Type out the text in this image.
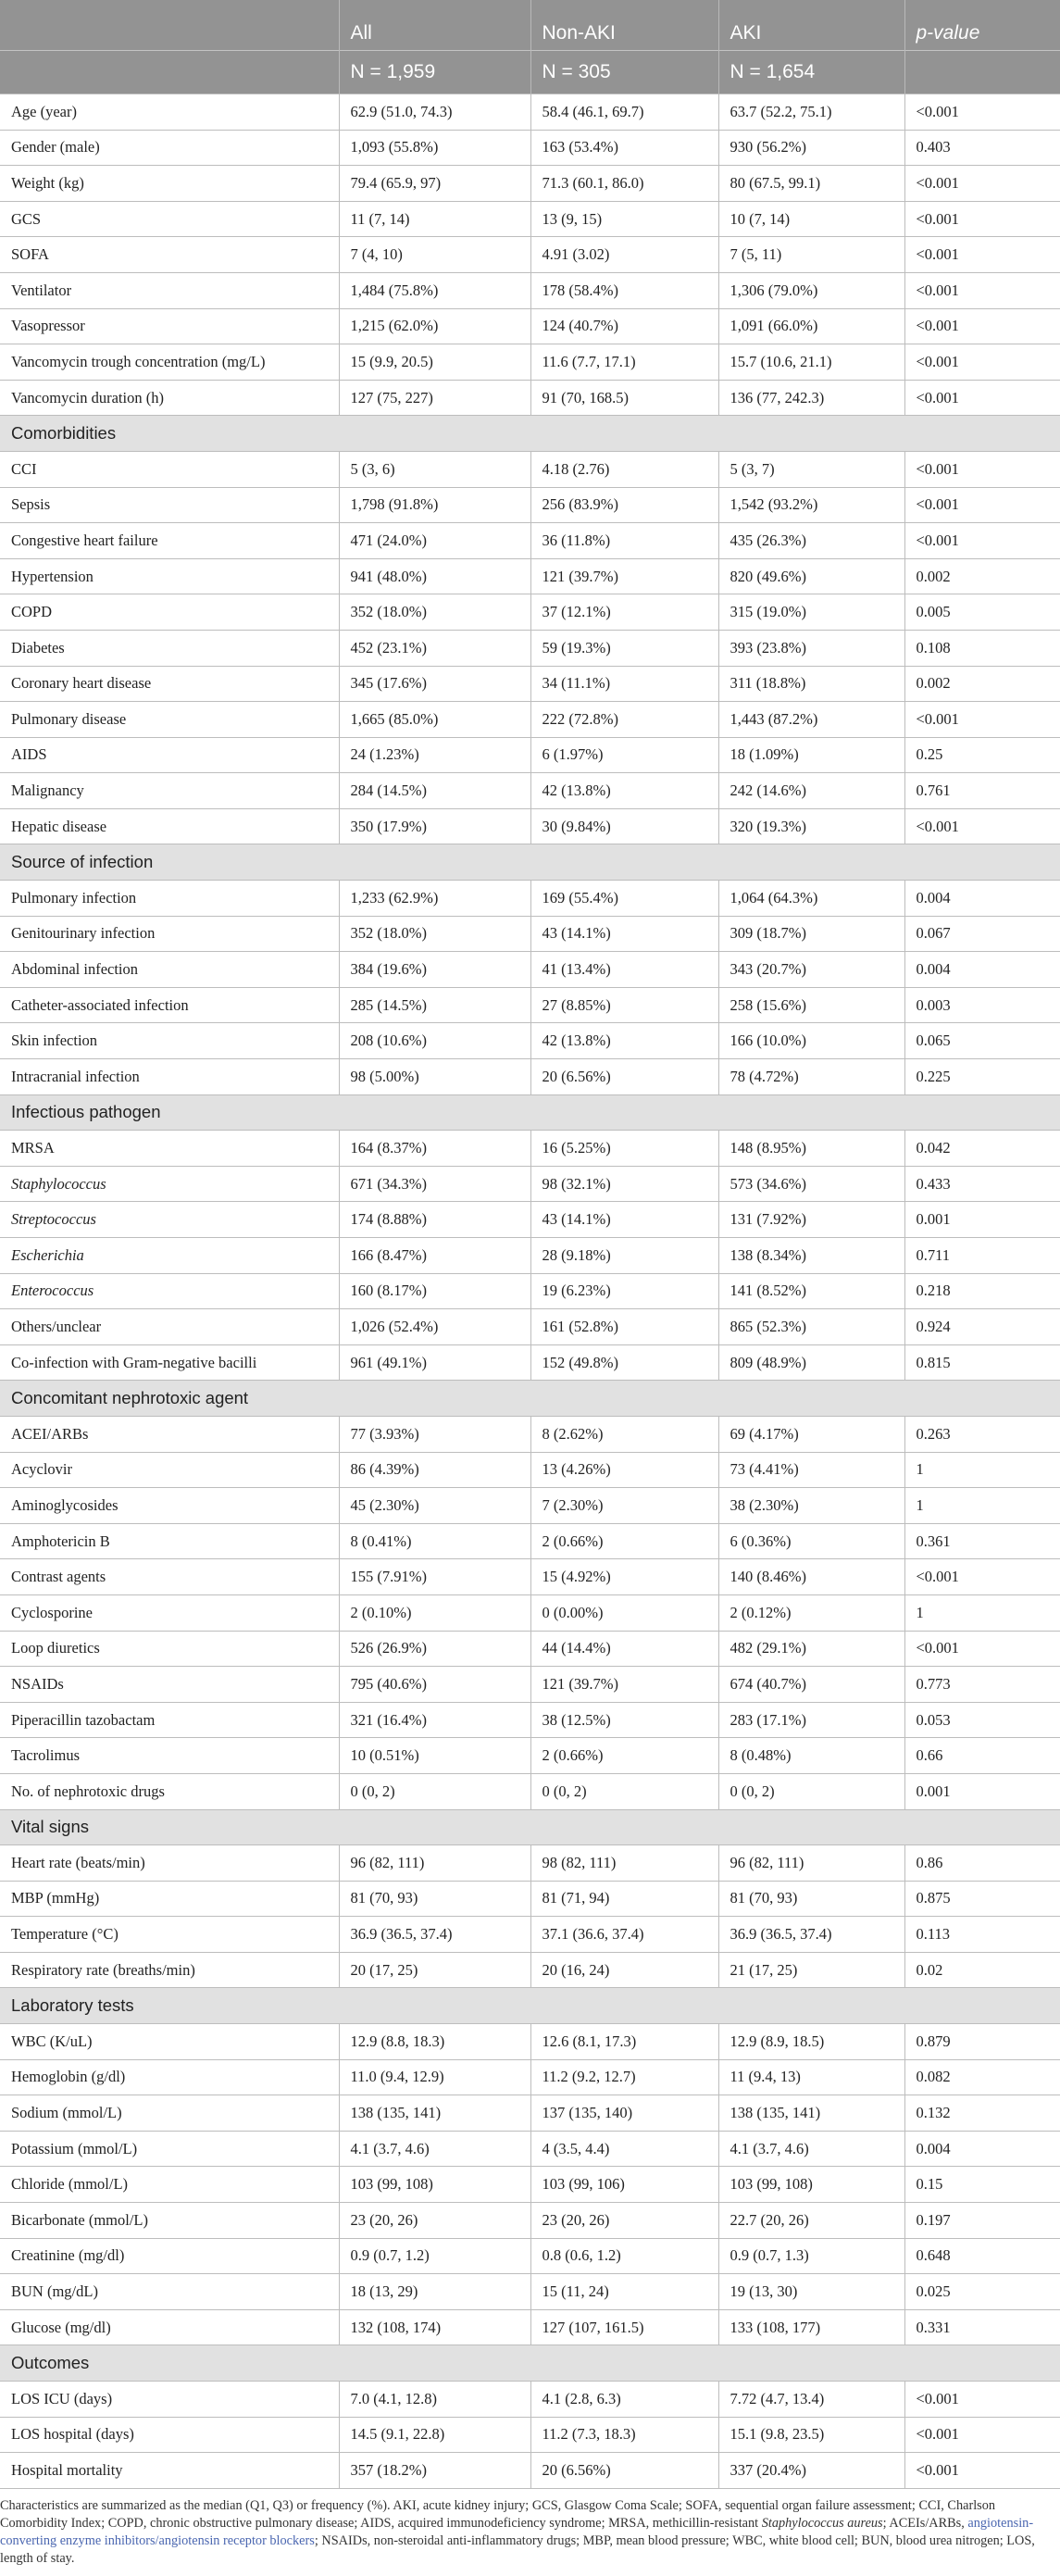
	All	Non-AKI	AKI	p-value
	N = 1,959	N = 305	N = 1,654	
Age (year)	62.9 (51.0, 74.3)	58.4 (46.1, 69.7)	63.7 (52.2, 75.1)	<0.001
Gender (male)	1,093 (55.8%)	163 (53.4%)	930 (56.2%)	0.403
Weight (kg)	79.4 (65.9, 97)	71.3 (60.1, 86.0)	80 (67.5, 99.1)	<0.001
GCS	11 (7, 14)	13 (9, 15)	10 (7, 14)	<0.001
SOFA	7 (4, 10)	4.91 (3.02)	7 (5, 11)	<0.001
Ventilator	1,484 (75.8%)	178 (58.4%)	1,306 (79.0%)	<0.001
Vasopressor	1,215 (62.0%)	124 (40.7%)	1,091 (66.0%)	<0.001
Vancomycin trough concentration (mg/L)	15 (9.9, 20.5)	11.6 (7.7, 17.1)	15.7 (10.6, 21.1)	<0.001
Vancomycin duration (h)	127 (75, 227)	91 (70, 168.5)	136 (77, 242.3)	<0.001
Comorbidities				
CCI	5 (3, 6)	4.18 (2.76)	5 (3, 7)	<0.001
Sepsis	1,798 (91.8%)	256 (83.9%)	1,542 (93.2%)	<0.001
Congestive heart failure	471 (24.0%)	36 (11.8%)	435 (26.3%)	<0.001
Hypertension	941 (48.0%)	121 (39.7%)	820 (49.6%)	0.002
COPD	352 (18.0%)	37 (12.1%)	315 (19.0%)	0.005
Diabetes	452 (23.1%)	59 (19.3%)	393 (23.8%)	0.108
Coronary heart disease	345 (17.6%)	34 (11.1%)	311 (18.8%)	0.002
Pulmonary disease	1,665 (85.0%)	222 (72.8%)	1,443 (87.2%)	<0.001
AIDS	24 (1.23%)	6 (1.97%)	18 (1.09%)	0.25
Malignancy	284 (14.5%)	42 (13.8%)	242 (14.6%)	0.761
Hepatic disease	350 (17.9%)	30 (9.84%)	320 (19.3%)	<0.001
Source of infection				
Pulmonary infection	1,233 (62.9%)	169 (55.4%)	1,064 (64.3%)	0.004
Genitourinary infection	352 (18.0%)	43 (14.1%)	309 (18.7%)	0.067
Abdominal infection	384 (19.6%)	41 (13.4%)	343 (20.7%)	0.004
Catheter-associated infection	285 (14.5%)	27 (8.85%)	258 (15.6%)	0.003
Skin infection	208 (10.6%)	42 (13.8%)	166 (10.0%)	0.065
Intracranial infection	98 (5.00%)	20 (6.56%)	78 (4.72%)	0.225
Infectious pathogen				
MRSA	164 (8.37%)	16 (5.25%)	148 (8.95%)	0.042
Staphylococcus	671 (34.3%)	98 (32.1%)	573 (34.6%)	0.433
Streptococcus	174 (8.88%)	43 (14.1%)	131 (7.92%)	0.001
Escherichia	166 (8.47%)	28 (9.18%)	138 (8.34%)	0.711
Enterococcus	160 (8.17%)	19 (6.23%)	141 (8.52%)	0.218
Others/unclear	1,026 (52.4%)	161 (52.8%)	865 (52.3%)	0.924
Co-infection with Gram-negative bacilli	961 (49.1%)	152 (49.8%)	809 (48.9%)	0.815
Concomitant nephrotoxic agent				
ACEI/ARBs	77 (3.93%)	8 (2.62%)	69 (4.17%)	0.263
Acyclovir	86 (4.39%)	13 (4.26%)	73 (4.41%)	1
Aminoglycosides	45 (2.30%)	7 (2.30%)	38 (2.30%)	1
Amphotericin B	8 (0.41%)	2 (0.66%)	6 (0.36%)	0.361
Contrast agents	155 (7.91%)	15 (4.92%)	140 (8.46%)	<0.001
Cyclosporine	2 (0.10%)	0 (0.00%)	2 (0.12%)	1
Loop diuretics	526 (26.9%)	44 (14.4%)	482 (29.1%)	<0.001
NSAIDs	795 (40.6%)	121 (39.7%)	674 (40.7%)	0.773
Piperacillin tazobactam	321 (16.4%)	38 (12.5%)	283 (17.1%)	0.053
Tacrolimus	10 (0.51%)	2 (0.66%)	8 (0.48%)	0.66
No. of nephrotoxic drugs	0 (0, 2)	0 (0, 2)	0 (0, 2)	0.001
Vital signs				
Heart rate (beats/min)	96 (82, 111)	98 (82, 111)	96 (82, 111)	0.86
MBP (mmHg)	81 (70, 93)	81 (71, 94)	81 (70, 93)	0.875
Temperature (°C)	36.9 (36.5, 37.4)	37.1 (36.6, 37.4)	36.9 (36.5, 37.4)	0.113
Respiratory rate (breaths/min)	20 (17, 25)	20 (16, 24)	21 (17, 25)	0.02
Laboratory tests				
WBC (K/uL)	12.9 (8.8, 18.3)	12.6 (8.1, 17.3)	12.9 (8.9, 18.5)	0.879
Hemoglobin (g/dl)	11.0 (9.4, 12.9)	11.2 (9.2, 12.7)	11 (9.4, 13)	0.082
Sodium (mmol/L)	138 (135, 141)	137 (135, 140)	138 (135, 141)	0.132
Potassium (mmol/L)	4.1 (3.7, 4.6)	4 (3.5, 4.4)	4.1 (3.7, 4.6)	0.004
Chloride (mmol/L)	103 (99, 108)	103 (99, 106)	103 (99, 108)	0.15
Bicarbonate (mmol/L)	23 (20, 26)	23 (20, 26)	22.7 (20, 26)	0.197
Creatinine (mg/dl)	0.9 (0.7, 1.2)	0.8 (0.6, 1.2)	0.9 (0.7, 1.3)	0.648
BUN (mg/dL)	18 (13, 29)	15 (11, 24)	19 (13, 30)	0.025
Glucose (mg/dl)	132 (108, 174)	127 (107, 161.5)	133 (108, 177)	0.331
Outcomes				
LOS ICU (days)	7.0 (4.1, 12.8)	4.1 (2.8, 6.3)	7.72 (4.7, 13.4)	<0.001
LOS hospital (days)	14.5 (9.1, 22.8)	11.2 (7.3, 18.3)	15.1 (9.8, 23.5)	<0.001
Hospital mortality	357 (18.2%)	20 (6.56%)	337 (20.4%)	<0.001
Characteristics are summarized as the median (Q1, Q3) or frequency (%). AKI, acute kidney injury; GCS, Glasgow Coma Scale; SOFA, sequential organ failure assessment; CCI, Charlson Comorbidity Index; COPD, chronic obstructive pulmonary disease; AIDS, acquired immunodeficiency syndrome; MRSA, methicillin-resistant Staphylococcus aureus; ACEIs/ARBs, angiotensin-converting enzyme inhibitors/angiotensin receptor blockers; NSAIDs, non-steroidal anti-inflammatory drugs; MBP, mean blood pressure; WBC, white blood cell; BUN, blood urea nitrogen; LOS, length of stay.
